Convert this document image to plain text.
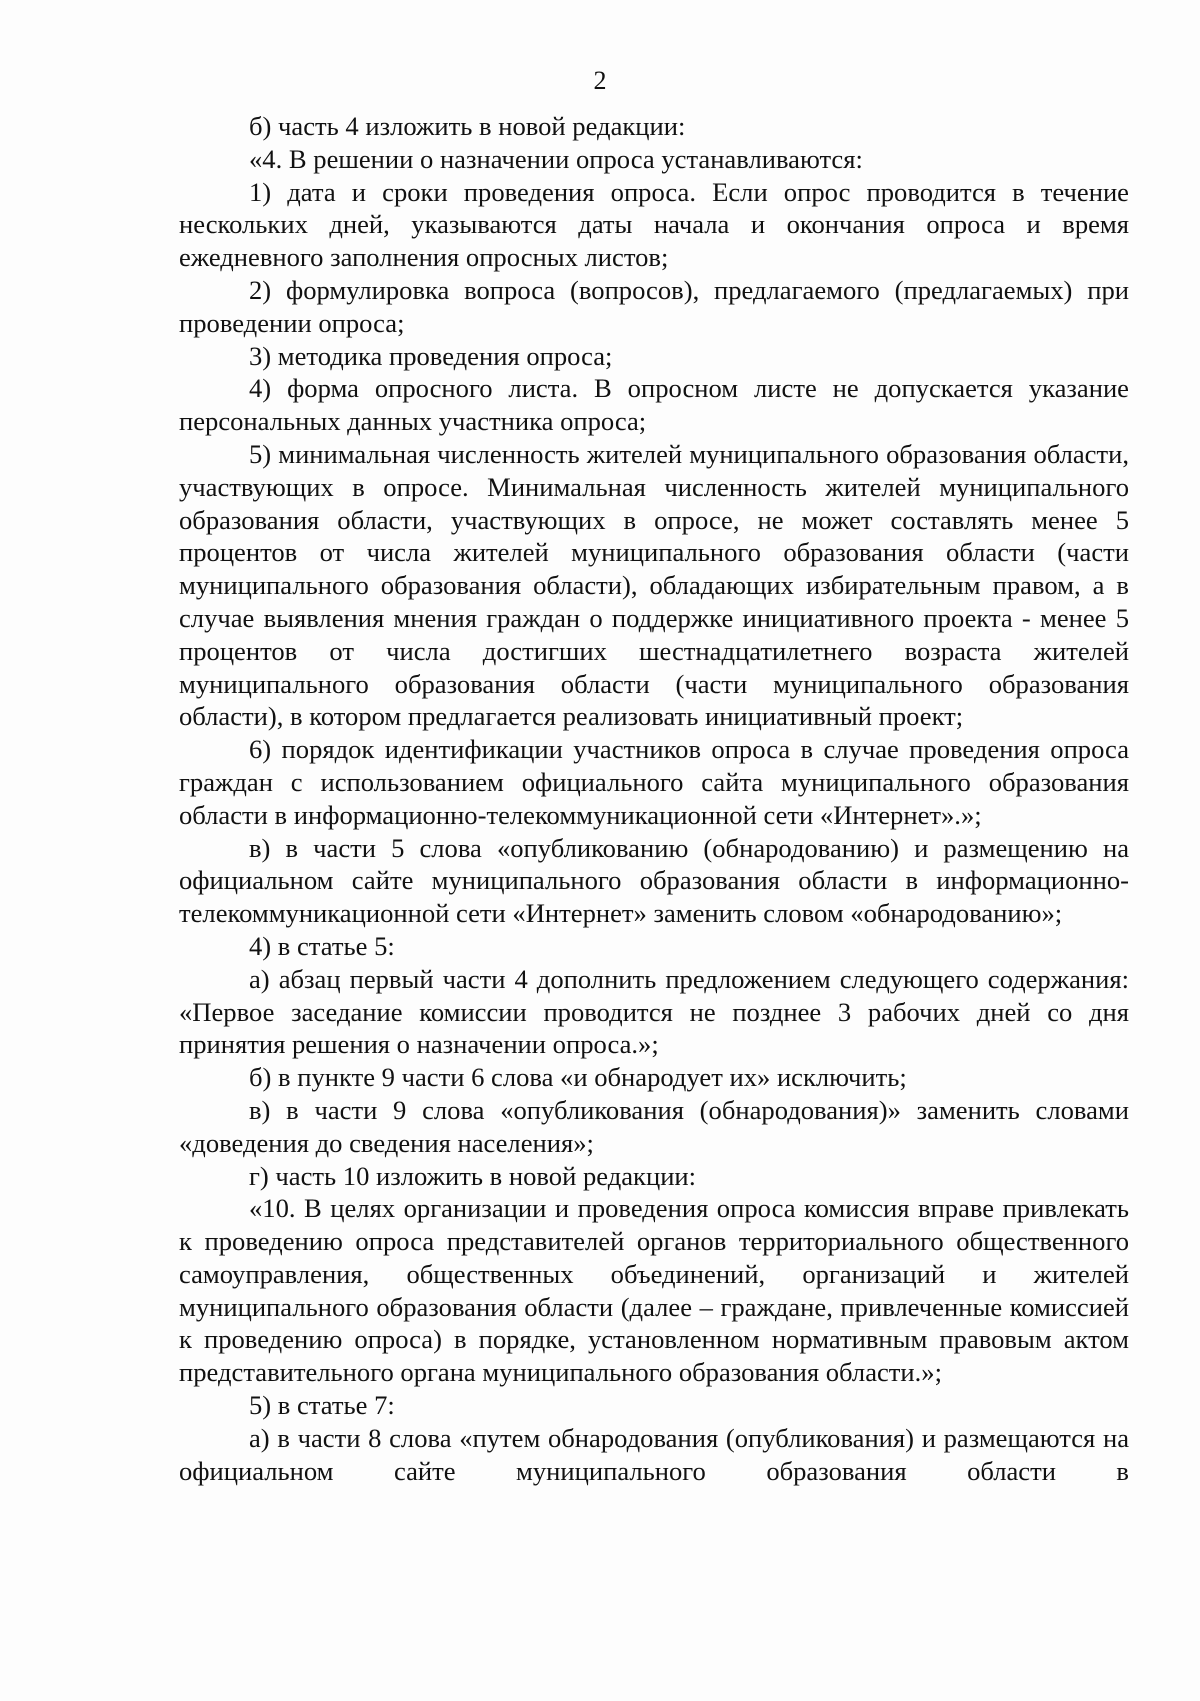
2

б) часть 4 изложить в новой редакции:

«4. В решении о назначении опроса устанавливаются:

1) дата и сроки проведения опроса. Если опрос проводится в течение нескольких дней, указываются даты начала и окончания опроса и время ежедневного заполнения опросных листов;

2) формулировка вопроса (вопросов), предлагаемого (предлагаемых) при проведении опроса;

3) методика проведения опроса;

4) форма опросного листа. В опросном листе не допускается указание персональных данных участника опроса;

5) минимальная численность жителей муниципального образования области, участвующих в опросе. Минимальная численность жителей муниципального образования области, участвующих в опросе, не может составлять менее 5 процентов от числа жителей муниципального образования области (части муниципального образования области), обладающих избирательным правом, а в случае выявления мнения граждан о поддержке инициативного проекта - менее 5 процентов от числа достигших шестнадцатилетнего возраста жителей муниципального образования области (части муниципального образования области), в котором предлагается реализовать инициативный проект;

6) порядок идентификации участников опроса в случае проведения опроса граждан с использованием официального сайта муниципального образования области в информационно-телекоммуникационной сети «Интернет».»;

в) в части 5 слова «опубликованию (обнародованию) и размещению на официальном сайте муниципального образования области в информационно-телекоммуникационной сети «Интернет» заменить словом «обнародованию»;

4) в статье 5:

а) абзац первый части 4 дополнить предложением следующего содержания: «Первое заседание комиссии проводится не позднее 3 рабочих дней со дня принятия решения о назначении опроса.»;

б) в пункте 9 части 6 слова «и обнародует их» исключить;

в) в части 9 слова «опубликования (обнародования)» заменить словами «доведения до сведения населения»;

г) часть 10 изложить в новой редакции:

«10. В целях организации и проведения опроса комиссия вправе привлекать к проведению опроса представителей органов территориального общественного самоуправления, общественных объединений, организаций и жителей муниципального образования области (далее – граждане, привлеченные комиссией к проведению опроса) в порядке, установленном нормативным правовым актом представительного органа муниципального образования области.»;

5) в статье 7:

а) в части 8 слова «путем обнародования (опубликования) и размещаются на официальном сайте муниципального образования области в
